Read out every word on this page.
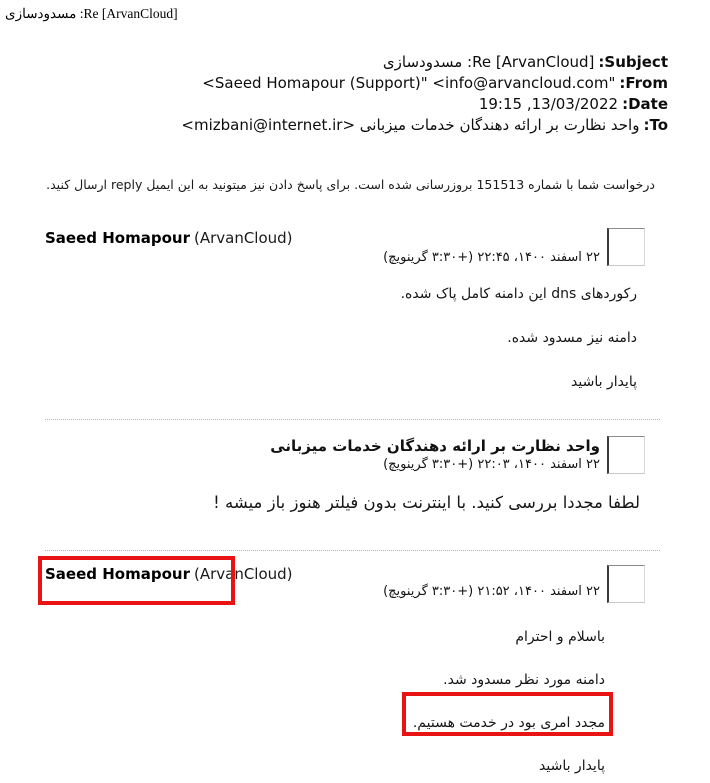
Re [ArvanCloud]: مسدودسازی
Subject:Re [ArvanCloud]: مسدودسازی
From:"Saeed Homapour (Support)" <info@arvancloud.com>
Date:13/03/2022, 19:15
To:واحد نظارت بر ارائه دهندگان خدمات میزبانی <mizbani@internet.ir>
درخواست شما با شماره 151513 بروزرسانی شده است. برای پاسخ دادن نیز میتونید به این ایمیل reply ارسال کنید.
Saeed Homapour (ArvanCloud)
۲۲ اسفند ۱۴۰۰، ۲۲:۴۵ (+۳:۳۰ گرینویچ)

رکوردهای dns این دامنه کامل پاک شده.

دامنه نیز مسدود شده.

پایدار باشید

واحد نظارت بر ارائه دهندگان خدمات میزبانی
۲۲ اسفند ۱۴۰۰، ۲۲:۰۳ (+۳:۳۰ گرینویچ)

لطفا مجددا بررسی کنید. با اینترنت بدون فیلتر هنوز باز میشه !

Saeed Homapour (ArvanCloud)
۲۲ اسفند ۱۴۰۰، ۲۱:۵۲ (+۳:۳۰ گرینویچ)

باسلام و احترام

دامنه مورد نظر مسدود شد.

مجدد امری بود در خدمت هستیم.

پایدار باشید
